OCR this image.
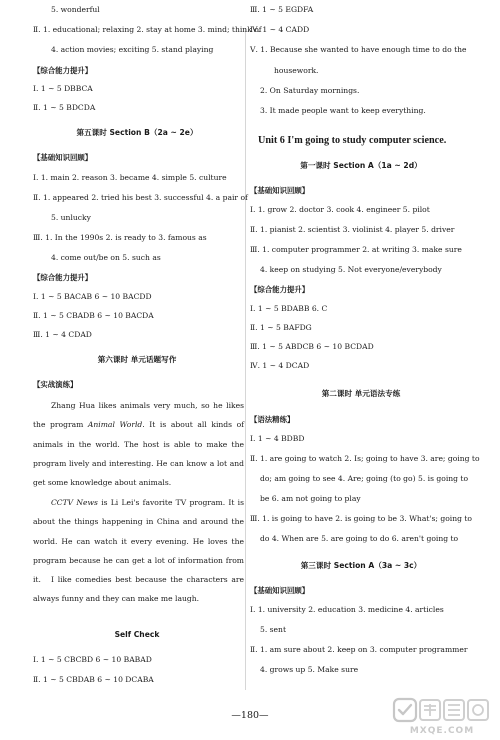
5. wonderful
Ⅱ. 1. educational; relaxing 2. stay at home 3. mind; think of
4. action movies; exciting 5. stand playing
【综合能力提升】
Ⅰ. 1 ~ 5 DBBCA
Ⅱ. 1 ~ 5 BDCDA
第五课时 Section B（2a ~ 2e）
【基础知识回顾】
Ⅰ. 1. main 2. reason 3. became 4. simple 5. culture
Ⅱ. 1. appeared 2. tried his best 3. successful 4. a pair of
5. unlucky
Ⅲ. 1. In the 1990s 2. is ready to 3. famous as
4. come out/be on 5. such as
【综合能力提升】
Ⅰ. 1 ~ 5 BACAB 6 ~ 10 BACDD
Ⅱ. 1 ~ 5 CBADB 6 ~ 10 BACDA
Ⅲ. 1 ~ 4 CDAD
第六课时 单元话题写作
【实战演练】
Zhang Hua likes animals very much, so he likes the program Animal World. It is about all kinds of animals in the world. The host is able to make the program lively and interesting. He can know a lot and get some knowledge about animals.
CCTV News is Li Lei's favorite TV program. It is about the things happening in China and around the world. He can watch it every evening. He loves the program because he can get a lot of information from it.	I like comedies best because the characters are always funny and they can make me laugh.
Self Check
Ⅰ. 1 ~ 5 CBCBD 6 ~ 10 BABAD
Ⅱ. 1 ~ 5 CBDAB 6 ~ 10 DCABA
Ⅲ. 1 ~ 5 EGDFA
Ⅳ. 1 ~ 4 CADD
Ⅴ. 1. Because she wanted to have enough time to do the
housework.
2. On Saturday mornings.
3. It made people want to keep everything.
Unit 6 I'm going to study computer science.
第一课时 Section A（1a ~ 2d）
【基础知识回顾】
Ⅰ. 1. grow 2. doctor 3. cook 4. engineer 5. pilot
Ⅱ. 1. pianist 2. scientist 3. violinist 4. player 5. driver
Ⅲ. 1. computer programmer 2. at writing 3. make sure
4. keep on studying 5. Not everyone/everybody
【综合能力提升】
Ⅰ. 1 ~ 5 BDABB 6. C
Ⅱ. 1 ~ 5 BAFDG
Ⅲ. 1 ~ 5 ABDCB 6 ~ 10 BCDAD
Ⅳ. 1 ~ 4 DCAD
第二课时 单元语法专练
【语法精练】
Ⅰ. 1 ~ 4 BDBD
Ⅱ. 1. are going to watch 2. Is; going to have 3. are; going to
do; am going to see 4. Are; going (to go) 5. is going to
be 6. am not going to play
Ⅲ. 1. is going to have 2. is going to be 3. What's; going to
do 4. When are 5. are going to do 6. aren't going to
第三课时 Section A（3a ~ 3c）
【基础知识回顾】
Ⅰ. 1. university 2. education 3. medicine 4. articles
5. sent
Ⅱ. 1. am sure about 2. keep on 3. computer programmer
4. grows up 5. Make sure
—180—
MXQE.COM
